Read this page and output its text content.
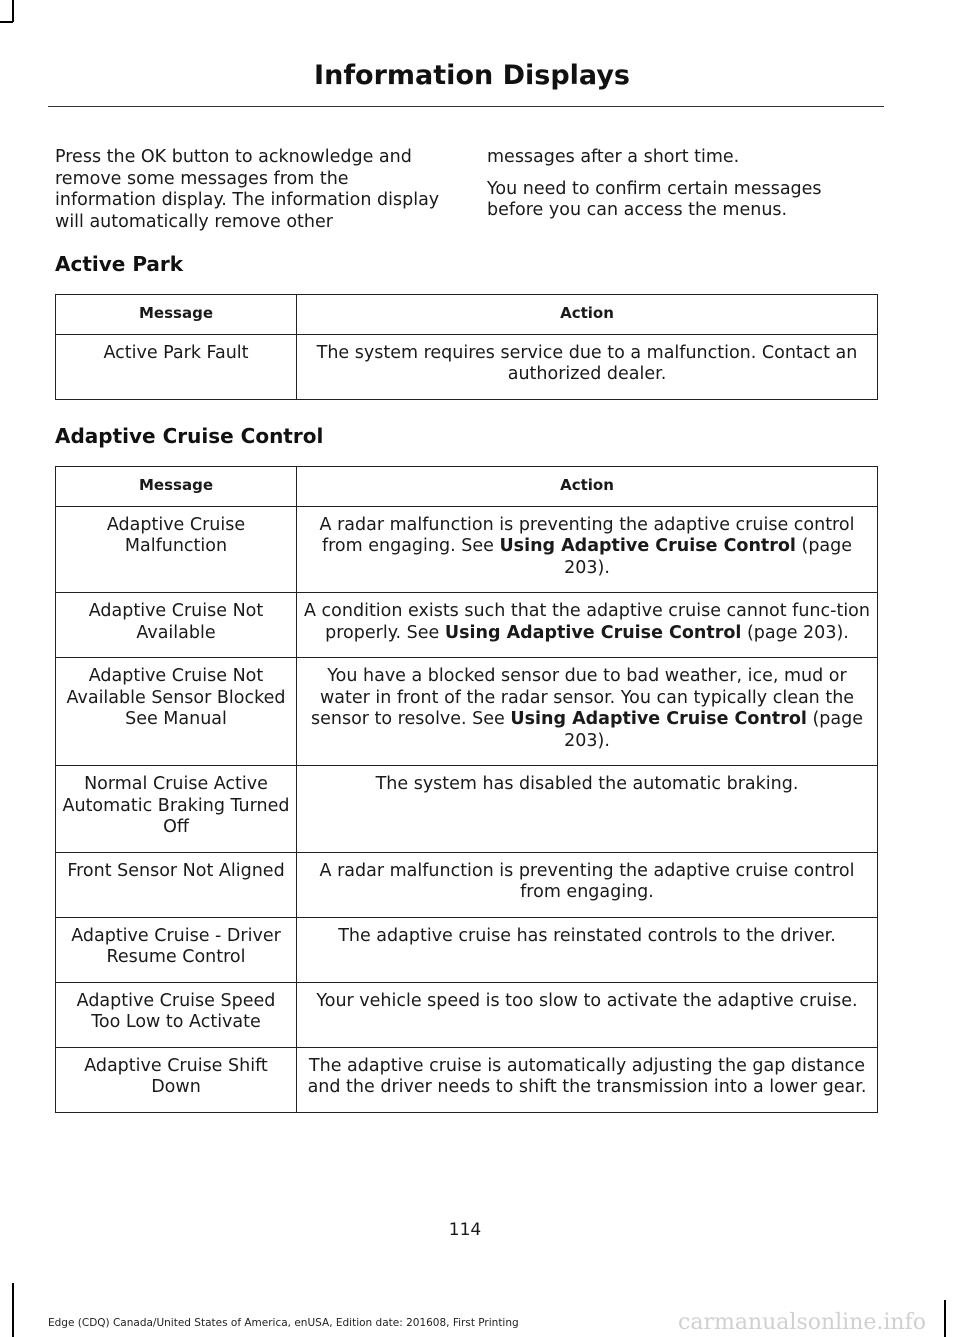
Information Displays

Press the OK button to acknowledge and remove some messages from the information display. The information display will automatically remove other

messages after a short time.

You need to confirm certain messages before you can access the menus.

Active Park
Message	Action
Active Park Fault	The system requires service due to a malfunction. Contact an authorized dealer.
Adaptive Cruise Control
Message	Action
Adaptive Cruise Malfunction	A radar malfunction is preventing the adaptive cruise control from engaging. See Using Adaptive Cruise Control (page 203).
Adaptive Cruise Not Available	A condition exists such that the adaptive cruise cannot func-tion properly. See Using Adaptive Cruise Control (page 203).
Adaptive Cruise Not Available Sensor Blocked See Manual	You have a blocked sensor due to bad weather, ice, mud or water in front of the radar sensor. You can typically clean the sensor to resolve. See Using Adaptive Cruise Control (page 203).
Normal Cruise Active Automatic Braking Turned Off	The system has disabled the automatic braking.
Front Sensor Not Aligned	A radar malfunction is preventing the adaptive cruise control from engaging.
Adaptive Cruise - Driver Resume Control	The adaptive cruise has reinstated controls to the driver.
Adaptive Cruise Speed Too Low to Activate	Your vehicle speed is too slow to activate the adaptive cruise.
Adaptive Cruise Shift Down	The adaptive cruise is automatically adjusting the gap distance and the driver needs to shift the transmission into a lower gear.
114
Edge (CDQ) Canada/United States of America, enUSA, Edition date: 201608, First Printing	carmanualsonline.info
